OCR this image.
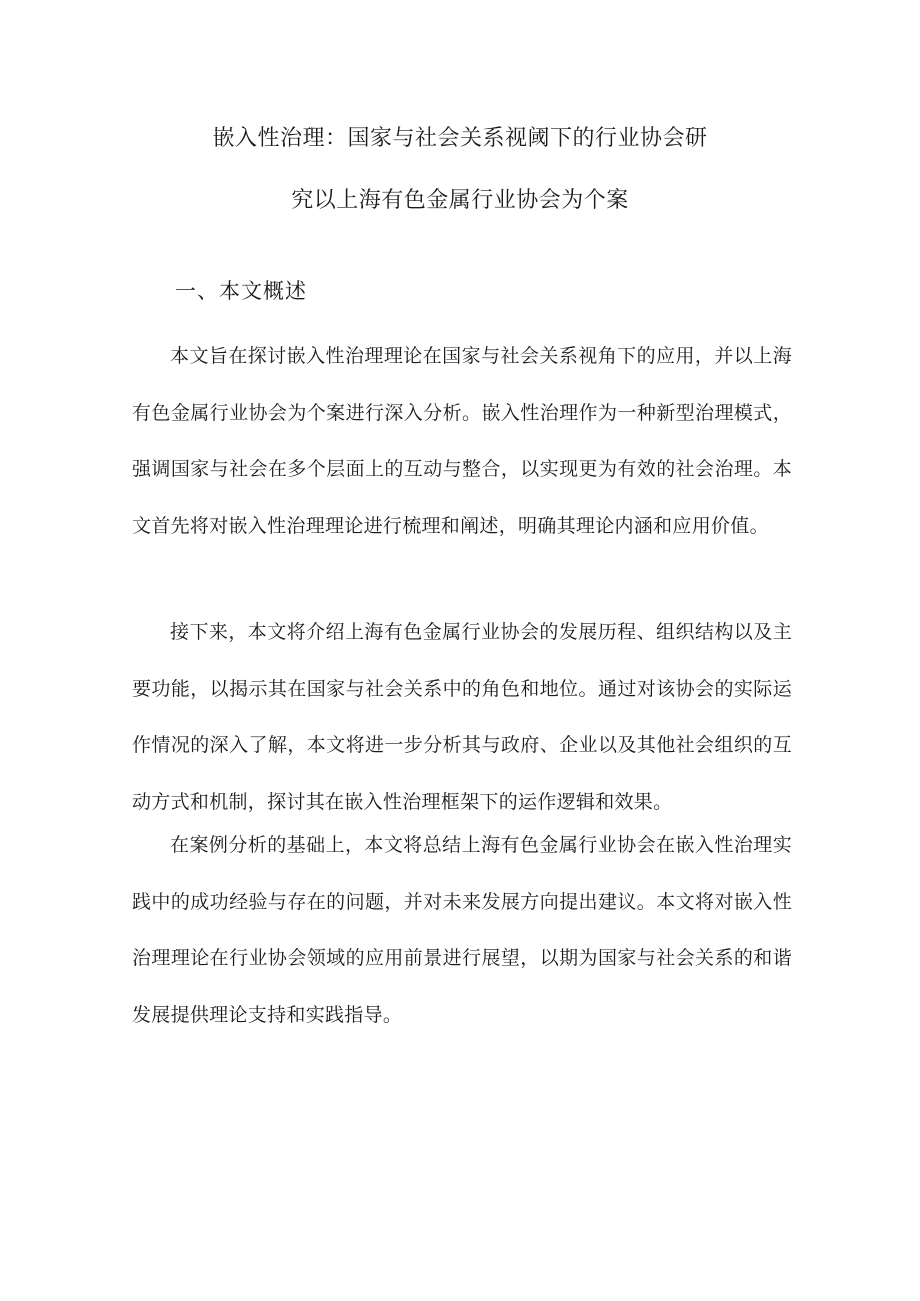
嵌入性治理：国家与社会关系视阈下的行业协会研
究以上海有色金属行业协会为个案
一、本文概述

本文旨在探讨嵌入性治理理论在国家与社会关系视角下的应用，并以上海有色金属行业协会为个案进行深入分析。嵌入性治理作为一种新型治理模式，强调国家与社会在多个层面上的互动与整合，以实现更为有效的社会治理。本文首先将对嵌入性治理理论进行梳理和阐述，明确其理论内涵和应用价值。

接下来，本文将介绍上海有色金属行业协会的发展历程、组织结构以及主要功能，以揭示其在国家与社会关系中的角色和地位。通过对该协会的实际运作情况的深入了解，本文将进一步分析其与政府、企业以及其他社会组织的互动方式和机制，探讨其在嵌入性治理框架下的运作逻辑和效果。

在案例分析的基础上，本文将总结上海有色金属行业协会在嵌入性治理实践中的成功经验与存在的问题，并对未来发展方向提出建议。本文将对嵌入性治理理论在行业协会领域的应用前景进行展望，以期为国家与社会关系的和谐发展提供理论支持和实践指导。
